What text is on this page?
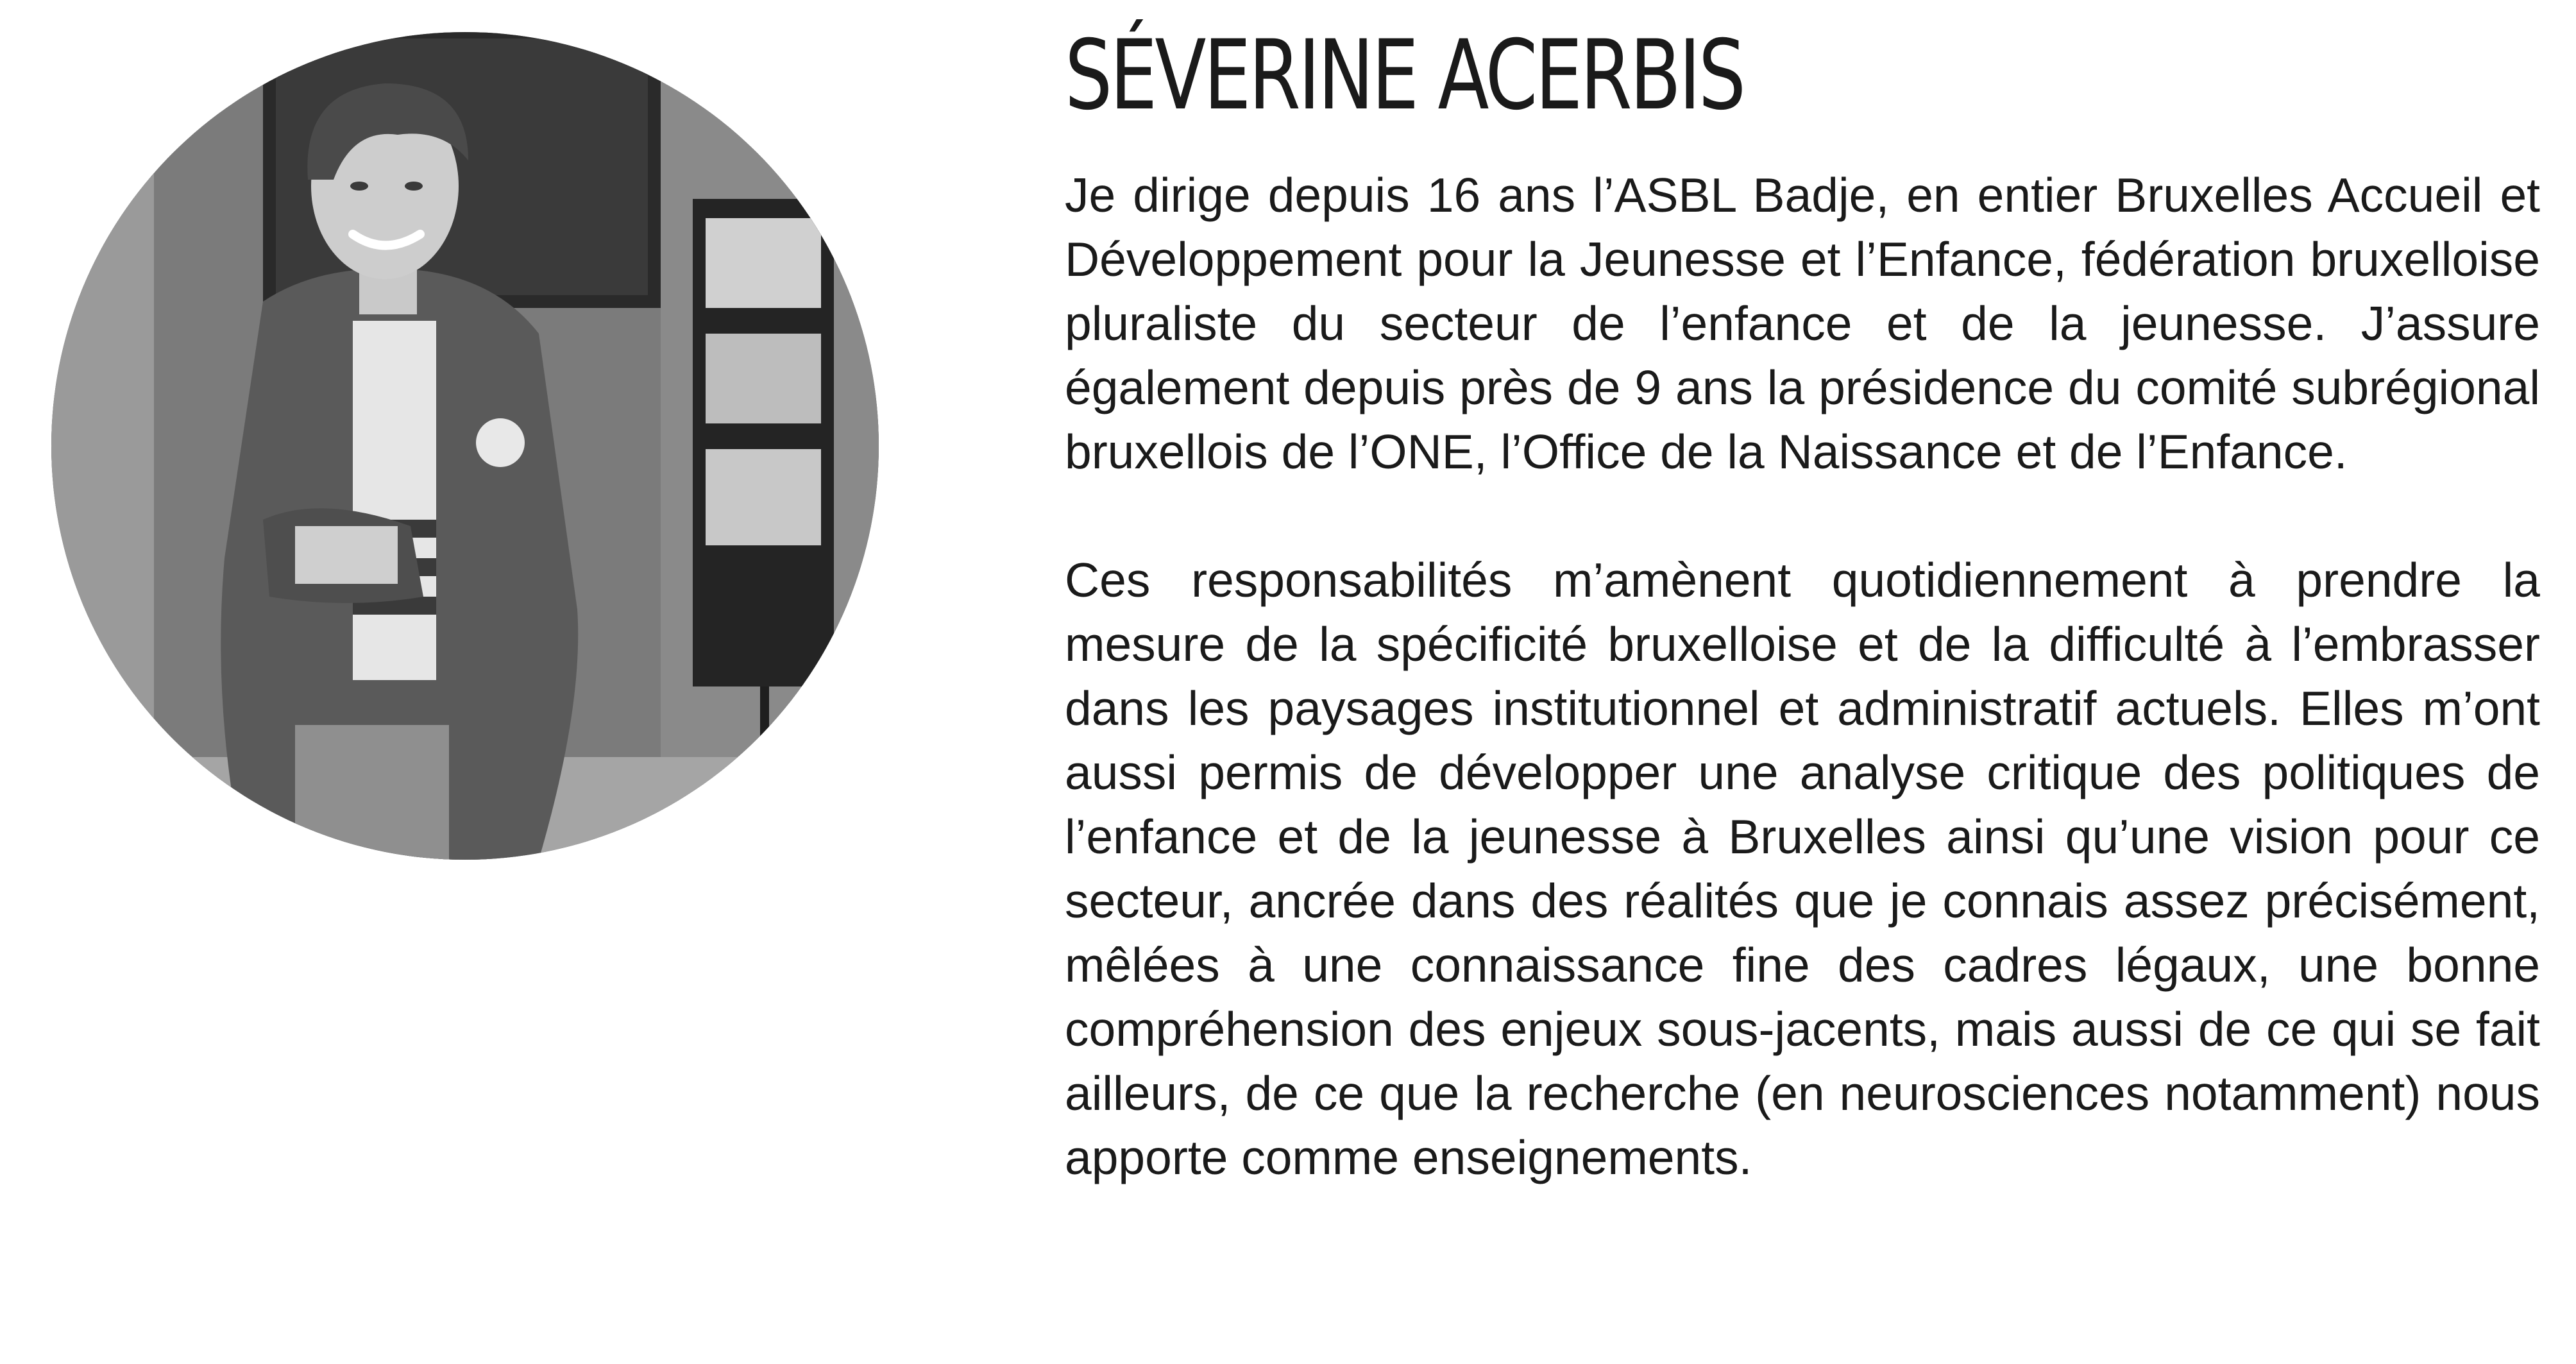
SÉVERINE ACERBIS

Je dirige depuis 16 ans l’ASBL Badje, en entier Bruxelles Accueil et Développement pour la Jeunesse et l’Enfance, fédération bruxelloise pluraliste du secteur de l’enfance et de la jeunesse. J’assure également depuis près de 9 ans la présidence du comité subrégional bruxellois de l’ONE, l’Office de la Naissance et de l’Enfance.

Ces responsabilités m’amènent quotidiennement à prendre la mesure de la spécificité bruxelloise et de la difficulté à l’embrasser dans les paysages institutionnel et administratif actuels. Elles m’ont aussi permis de développer une analyse critique des politiques de l’enfance et de la jeunesse à Bruxelles ainsi qu’une vision pour ce secteur, ancrée dans des réalités que je connais assez précisément, mêlées à une connaissance fine des cadres légaux, une bonne compréhension des enjeux sous-jacents, mais aussi de ce qui se fait ailleurs, de ce que la recherche (en neurosciences notamment) nous apporte comme enseignements.
